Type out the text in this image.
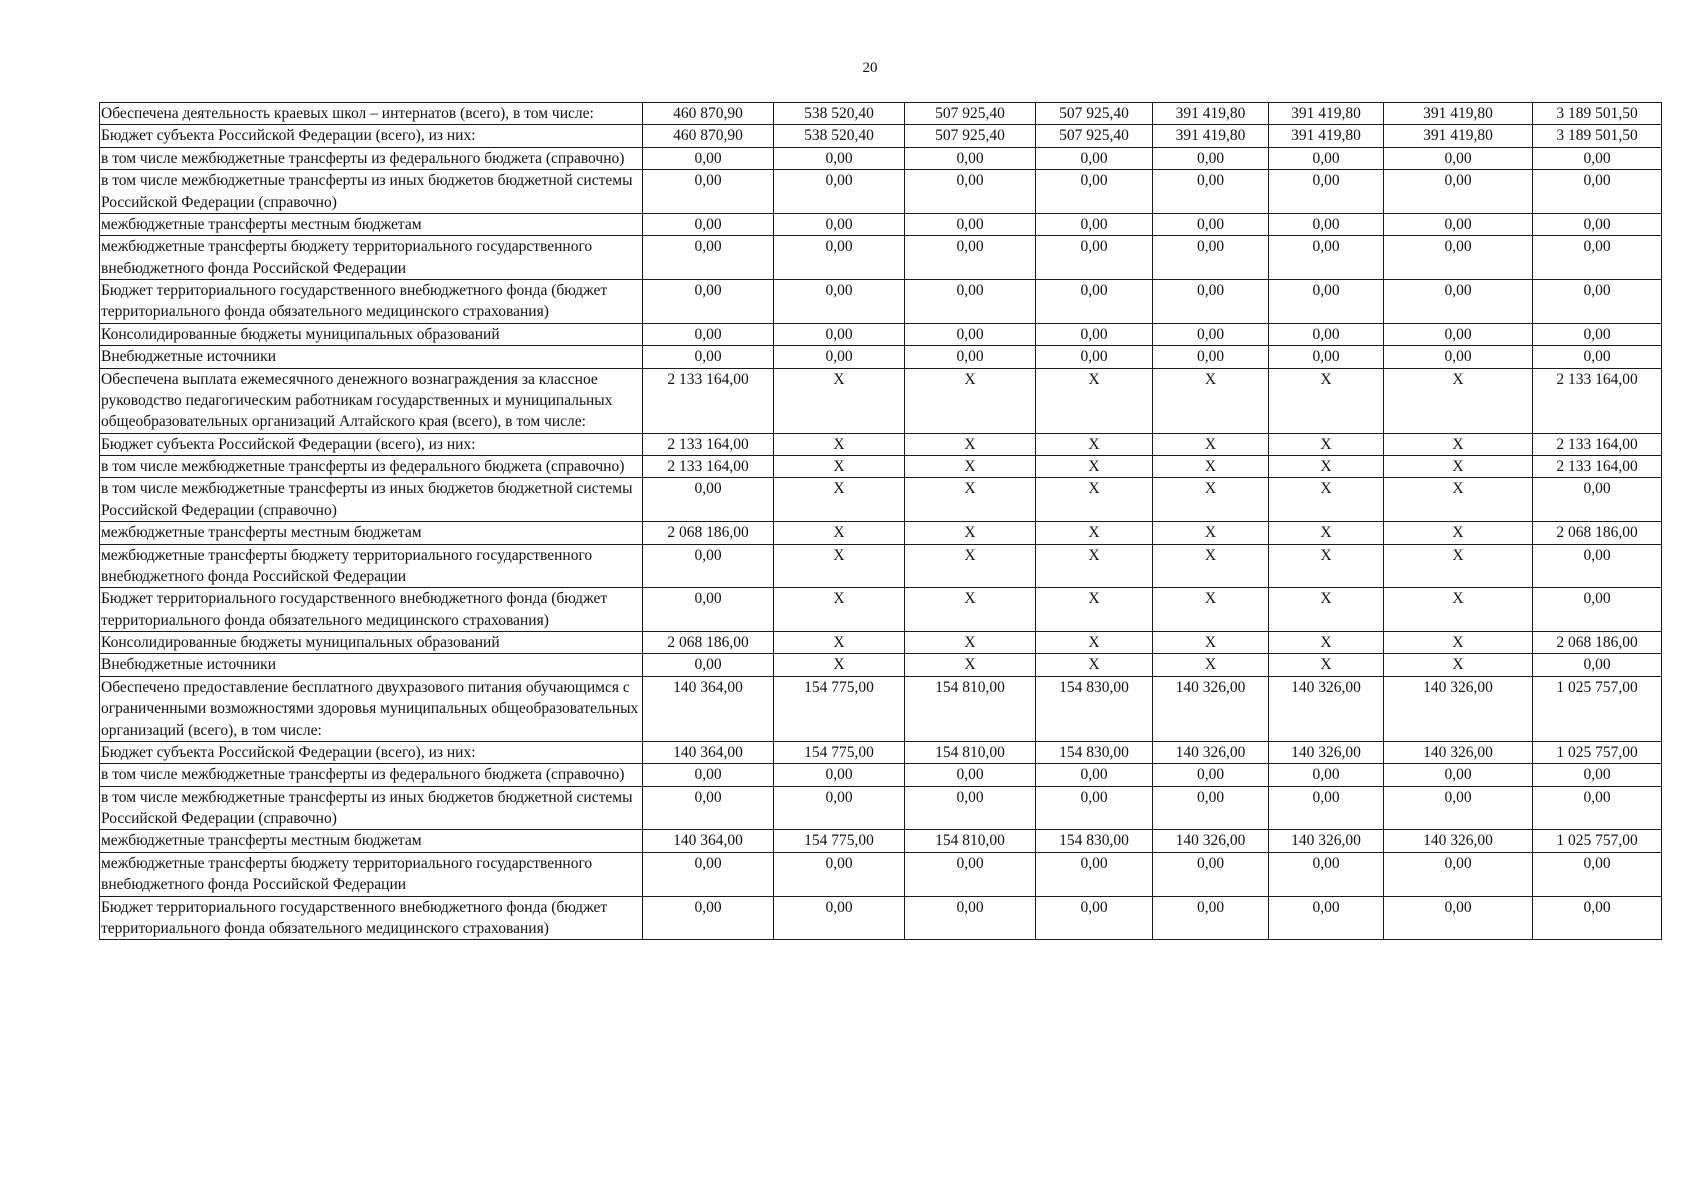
20
Обеспечена деятельность краевых школ – интернатов (всего), в том числе:	460 870,90	538 520,40	507 925,40	507 925,40	391 419,80	391 419,80	391 419,80	3 189 501,50
Бюджет субъекта Российской Федерации (всего), из них:	460 870,90	538 520,40	507 925,40	507 925,40	391 419,80	391 419,80	391 419,80	3 189 501,50
в том числе межбюджетные трансферты из федерального бюджета (справочно)	0,00	0,00	0,00	0,00	0,00	0,00	0,00	0,00
в том числе межбюджетные трансферты из иных бюджетов бюджетной системы Российской Федерации (справочно)	0,00	0,00	0,00	0,00	0,00	0,00	0,00	0,00
межбюджетные трансферты местным бюджетам	0,00	0,00	0,00	0,00	0,00	0,00	0,00	0,00
межбюджетные трансферты бюджету территориального государственного внебюджетного фонда Российской Федерации	0,00	0,00	0,00	0,00	0,00	0,00	0,00	0,00
Бюджет территориального государственного внебюджетного фонда (бюджет территориального фонда обязательного медицинского страхования)	0,00	0,00	0,00	0,00	0,00	0,00	0,00	0,00
Консолидированные бюджеты муниципальных образований	0,00	0,00	0,00	0,00	0,00	0,00	0,00	0,00
Внебюджетные источники	0,00	0,00	0,00	0,00	0,00	0,00	0,00	0,00
Обеспечена выплата ежемесячного денежного вознаграждения за классное руководство педагогическим работникам государственных и муниципальных общеобразовательных организаций Алтайского края (всего), в том числе:	2 133 164,00	X	X	X	X	X	X	2 133 164,00
Бюджет субъекта Российской Федерации (всего), из них:	2 133 164,00	X	X	X	X	X	X	2 133 164,00
в том числе межбюджетные трансферты из федерального бюджета (справочно)	2 133 164,00	X	X	X	X	X	X	2 133 164,00
в том числе межбюджетные трансферты из иных бюджетов бюджетной системы Российской Федерации (справочно)	0,00	X	X	X	X	X	X	0,00
межбюджетные трансферты местным бюджетам	2 068 186,00	X	X	X	X	X	X	2 068 186,00
межбюджетные трансферты бюджету территориального государственного внебюджетного фонда Российской Федерации	0,00	X	X	X	X	X	X	0,00
Бюджет территориального государственного внебюджетного фонда (бюджет территориального фонда обязательного медицинского страхования)	0,00	X	X	X	X	X	X	0,00
Консолидированные бюджеты муниципальных образований	2 068 186,00	X	X	X	X	X	X	2 068 186,00
Внебюджетные источники	0,00	X	X	X	X	X	X	0,00
Обеспечено предоставление бесплатного двухразового питания обучающимся с ограниченными возможностями здоровья муниципальных общеобразовательных организаций (всего), в том числе:	140 364,00	154 775,00	154 810,00	154 830,00	140 326,00	140 326,00	140 326,00	1 025 757,00
Бюджет субъекта Российской Федерации (всего), из них:	140 364,00	154 775,00	154 810,00	154 830,00	140 326,00	140 326,00	140 326,00	1 025 757,00
в том числе межбюджетные трансферты из федерального бюджета (справочно)	0,00	0,00	0,00	0,00	0,00	0,00	0,00	0,00
в том числе межбюджетные трансферты из иных бюджетов бюджетной системы Российской Федерации (справочно)	0,00	0,00	0,00	0,00	0,00	0,00	0,00	0,00
межбюджетные трансферты местным бюджетам	140 364,00	154 775,00	154 810,00	154 830,00	140 326,00	140 326,00	140 326,00	1 025 757,00
межбюджетные трансферты бюджету территориального государственного внебюджетного фонда Российской Федерации	0,00	0,00	0,00	0,00	0,00	0,00	0,00	0,00
Бюджет территориального государственного внебюджетного фонда (бюджет территориального фонда обязательного медицинского страхования)	0,00	0,00	0,00	0,00	0,00	0,00	0,00	0,00
